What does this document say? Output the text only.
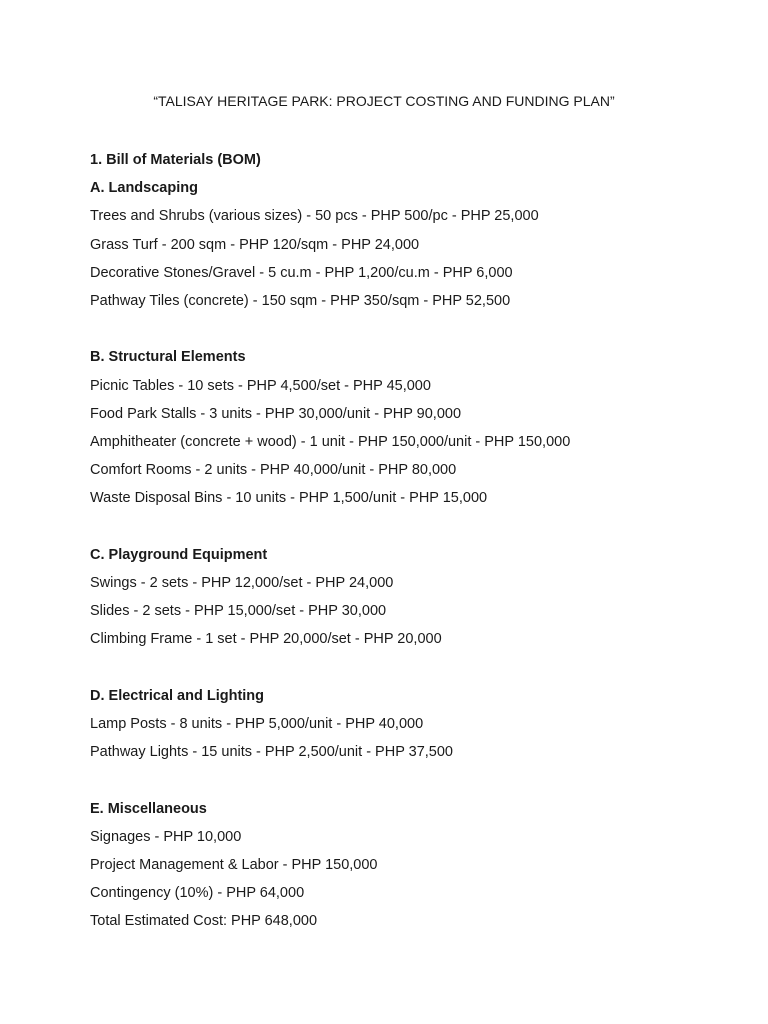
“TALISAY HERITAGE PARK: PROJECT COSTING AND FUNDING PLAN”
1. Bill of Materials (BOM)
A. Landscaping
Trees and Shrubs (various sizes) - 50 pcs - PHP 500/pc - PHP 25,000
Grass Turf - 200 sqm - PHP 120/sqm - PHP 24,000
Decorative Stones/Gravel - 5 cu.m - PHP 1,200/cu.m - PHP 6,000
Pathway Tiles (concrete) - 150 sqm - PHP 350/sqm - PHP 52,500
B. Structural Elements
Picnic Tables - 10 sets - PHP 4,500/set - PHP 45,000
Food Park Stalls - 3 units - PHP 30,000/unit - PHP 90,000
Amphitheater (concrete + wood) - 1 unit - PHP 150,000/unit - PHP 150,000
Comfort Rooms - 2 units - PHP 40,000/unit - PHP 80,000
Waste Disposal Bins - 10 units - PHP 1,500/unit - PHP 15,000
C. Playground Equipment
Swings - 2 sets - PHP 12,000/set - PHP 24,000
Slides - 2 sets - PHP 15,000/set - PHP 30,000
Climbing Frame - 1 set - PHP 20,000/set - PHP 20,000
D. Electrical and Lighting
Lamp Posts - 8 units - PHP 5,000/unit - PHP 40,000
Pathway Lights - 15 units - PHP 2,500/unit - PHP 37,500
E. Miscellaneous
Signages - PHP 10,000
Project Management & Labor - PHP 150,000
Contingency (10%) - PHP 64,000
Total Estimated Cost: PHP 648,000
